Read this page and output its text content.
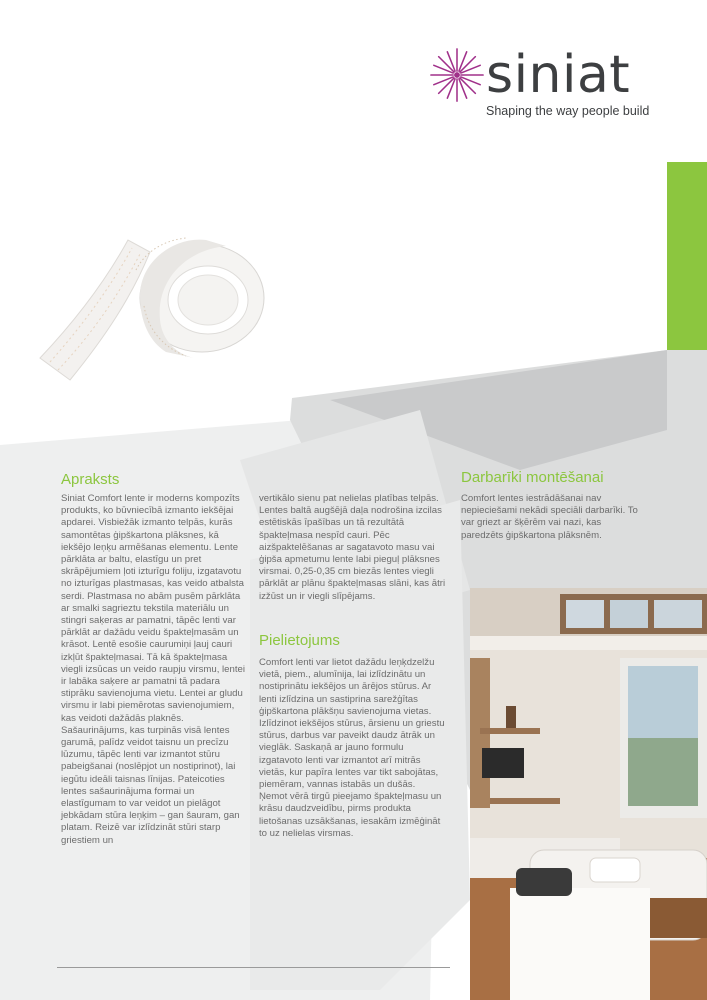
siniat
Shaping the way people build
Apraksts

Siniat Comfort lente ir moderns kompozīts produkts, ko būvniecībā izmanto iekšējai apdarei. Visbiežāk izmanto telpās, kurās samontētas ģipškartona plāksnes, kā iekšējo leņķu armēšanas elementu. Lente pārklāta ar baltu, elastīgu un pret skrāpējumiem ļoti izturīgu foliju, izgatavotu no izturīgas plastmasas, kas veido atbalsta serdi. Plastmasa no abām pusēm pārklāta ar smalki sagrieztu tekstila materiālu un stingri saķeras ar pamatni, tāpēc lenti var pārklāt ar dažādu veidu špakteļmasām un krāsot. Lentē esošie caurumiņi ļauj cauri izkļūt špakteļmasai. Tā kā špakteļmasa viegli izsūcas un veido raupju virsmu, lentei ir labāka saķere ar pamatni tā padara stiprāku savienojuma vietu. Lentei ar gludu virsmu ir labi piemērotas savienojumiem, kas veidoti dažādās plaknēs. Sašaurinājums, kas turpinās visā lentes garumā, palīdz veidot taisnu un precīzu lūzumu, tāpēc lenti var izmantot stūru pabeigšanai (noslēpjot un nostiprinot), lai iegūtu ideāli taisnas līnijas. Pateicoties lentes sašaurinājuma formai un elastīgumam to var veidot un pielāgot jebkādam stūra leņķim – gan šauram, gan platam. Reizē var izlīdzināt stūri starp griestiem un

vertikālo sienu pat nelielas platības telpās. Lentes baltā augšējā daļa nodrošina izcilas estētiskās īpašības un tā rezultātā špakteļmasa nespīd cauri. Pēc aizšpaktelēšanas ar sagatavoto masu vai ģipša apmetumu lente labi pieguļ plāksnes virsmai. 0,25-0,35 cm biezās lentes viegli pārklāt ar plānu špakteļmasas slāni, kas ātri izžūst un ir viegli slīpējams.

Pielietojums

Comfort lenti var lietot dažādu leņķdzelžu vietā, piem., alumīnija, lai izlīdzinātu un nostiprinātu iekšējos un ārējos stūrus. Ar lenti izlīdzina un sastiprina sarežģītas ģipškartona plākšņu savienojuma vietas. Izlīdzinot iekšējos stūrus, ārsienu un griestu stūrus, darbus var paveikt daudz ātrāk un vieglāk. Saskaņā ar jauno formulu izgatavoto lenti var izmantot arī mitrās vietās, kur papīra lentes var tikt sabojātas, piemēram, vannas istabās un dušās. Ņemot vērā tirgū pieejamo špakteļmasu un krāsu daudzveidību, pirms produkta lietošanas uzsākšanas, iesakām izmēģināt to uz nelielas virsmas.

Darbarīki montēšanai

Comfort lentes iestrādāšanai nav nepieciešami nekādi speciāli darbarīki. To var griezt ar šķērēm vai nazi, kas paredzēts ģipškartona plāksnēm.
